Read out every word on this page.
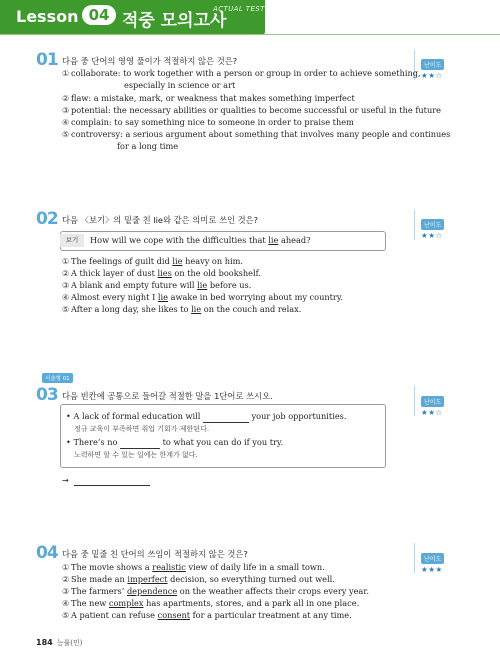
Lesson 04 적중 모의고사
ACTUAL TEST
01 다음 중 단어의 영영 풀이가 적절하지 않은 것은?	난이도
★★☆
① collaborate: to work together with a person or group in order to achieve something,
especially in science or art
② flaw: a mistake, mark, or weakness that makes something imperfect
③ potential: the necessary abilities or qualities to become successful or useful in the future
④ complain: to say something nice to someone in order to praise them
⑤ controversy: a serious argument about something that involves many people and continues
for a long time
02 다음 〈보기〉의 밑줄 친 lie와 같은 의미로 쓰인 것은?
난이도
★★☆
보기	How will we cope with the difficulties that lie ahead?
① The feelings of guilt did lie heavy on him.
② A thick layer of dust lies on the old bookshelf.
③ A blank and empty future will lie before us.
④ Almost every night I lie awake in bed worrying about my country.
⑤ After a long day, she likes to lie on the couch and relax.
서술형 01
03 다음 빈칸에 공통으로 들어갈 적절한 말을 1단어로 쓰시오.
난이도
★★☆
• A lack of formal education will	your job opportunities.
정규 교육이 부족하면 취업 기회가 제한된다.
• There’s no	to what you can do if you try.
노력하면 할 수 있는 일에는 한계가 없다.
→
04 다음 중 밑줄 친 단어의 쓰임이 적절하지 않은 것은?
난이도
★★★
① The movie shows a realistic view of daily life in a small town.
② She made an imperfect decision, so everything turned out well.
③ The farmers’ dependence on the weather affects their crops every year.
④ The new complex has apartments, stores, and a park all in one place.
⑤ A patient can refuse consent for a particular treatment at any time.
184 능률(민)
